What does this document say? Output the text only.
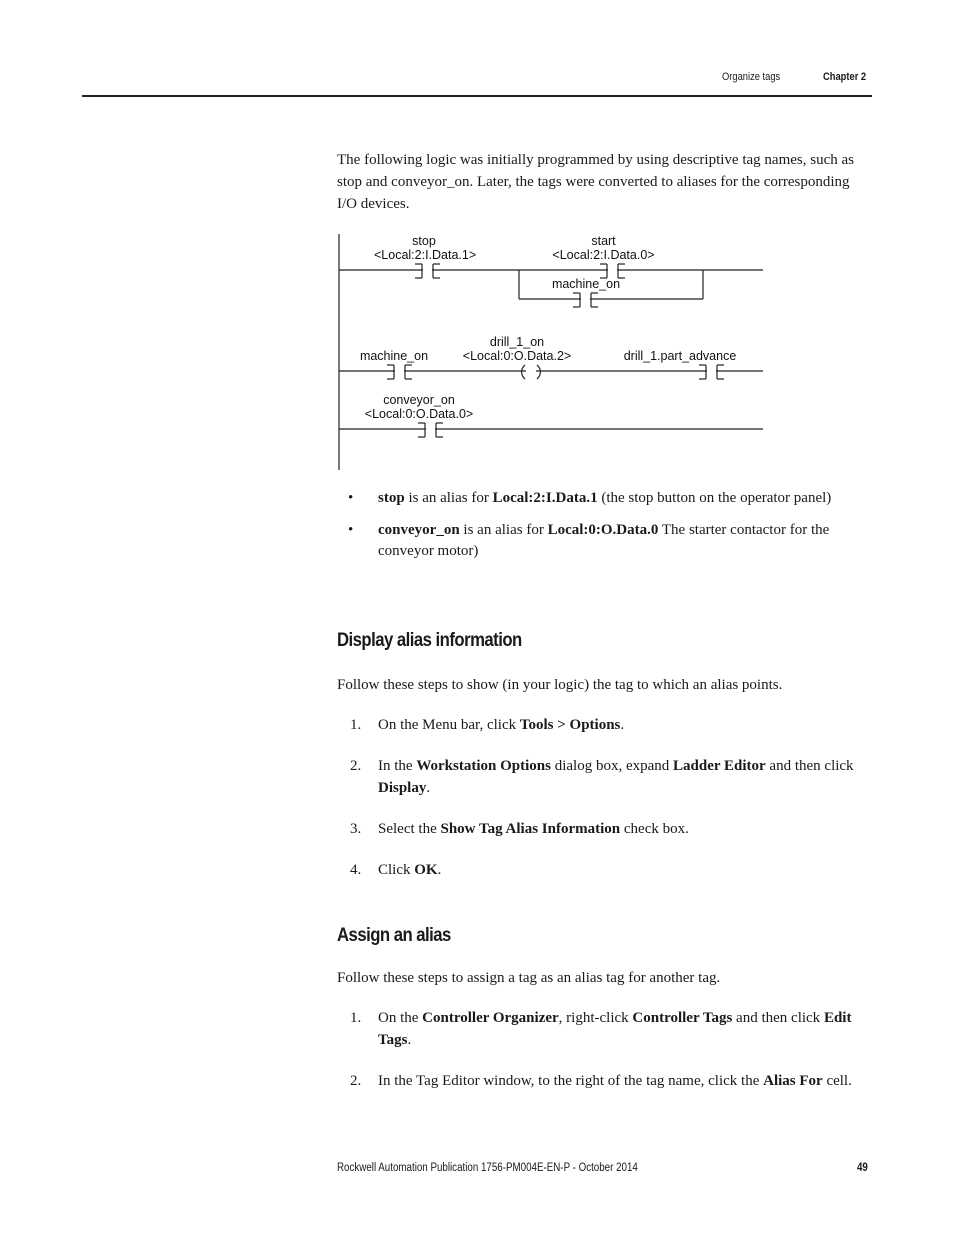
Organize tags	Chapter 2

The following logic was initially programmed by using descriptive tag names, such as stop and conveyor_on. Later, the tags were converted to aliases for the corresponding I/O devices.

stop
<Local:2:I.Data.1>
start
<Local:2:I.Data.0>
machine_on
machine_on
drill_1_on
<Local:0:O.Data.2>	drill_1.part_advance
conveyor_on
<Local:0:O.Data.0>
• stop is an alias for Local:2:I.Data.1 (the stop button on the operator panel)
• conveyor_on is an alias for Local:0:O.Data.0 The starter contactor for the conveyor motor)
Display alias information

Follow these steps to show (in your logic) the tag to which an alias points.

1. On the Menu bar, click Tools > Options.
2. In the Workstation Options dialog box, expand Ladder Editor and then click Display.
3. Select the Show Tag Alias Information check box.
4. Click OK.
Assign an alias

Follow these steps to assign a tag as an alias tag for another tag.

1. On the Controller Organizer, right-click Controller Tags and then click Edit Tags.
2. In the Tag Editor window, to the right of the tag name, click the Alias For cell.
Rockwell Automation Publication 1756-PM004E-EN-P - October 2014	49
